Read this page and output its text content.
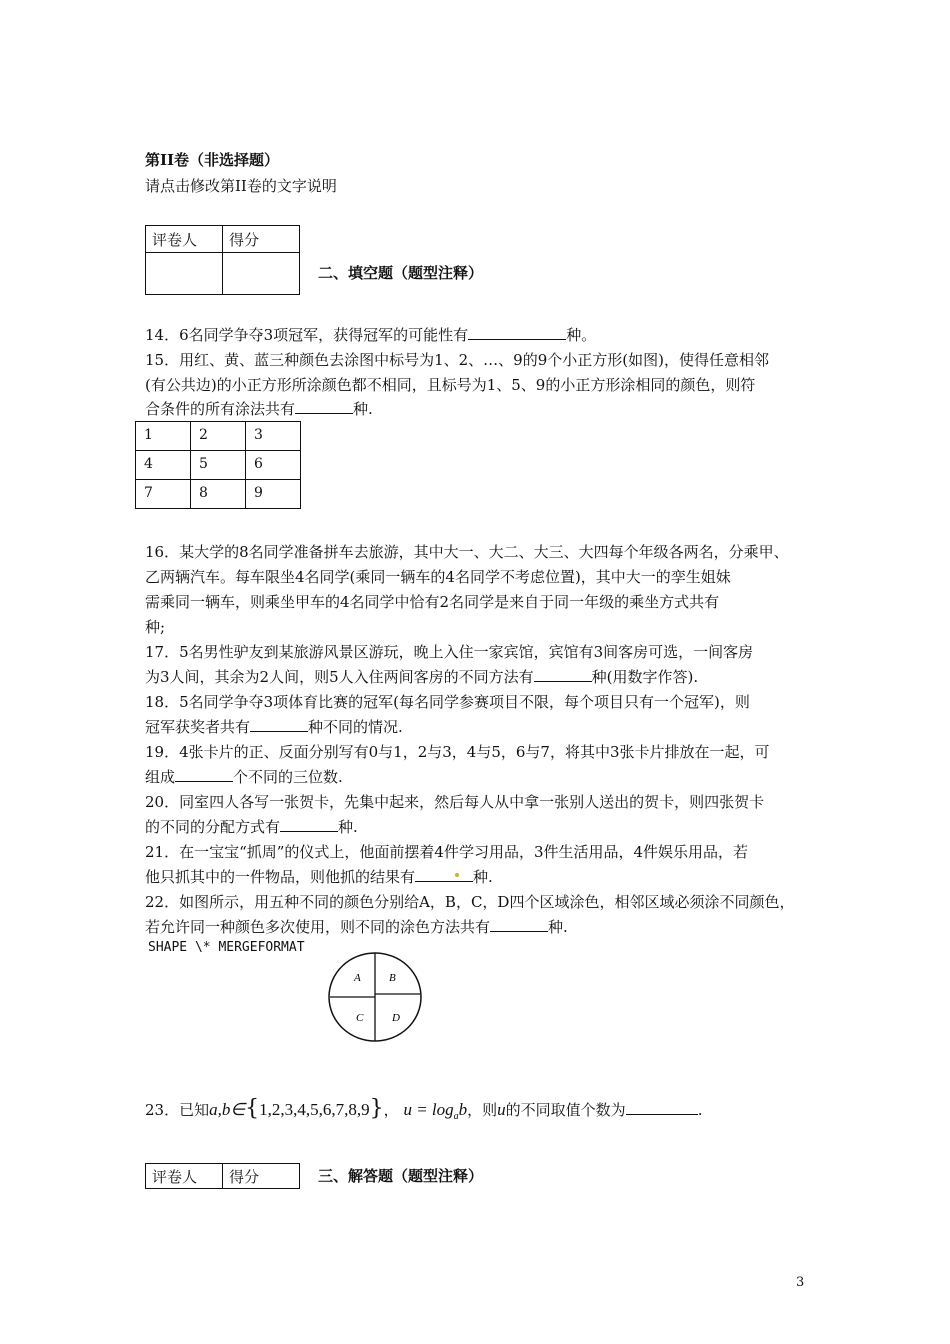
第II卷（非选择题）
请点击修改第II卷的文字说明
评卷人	得分

二、填空题（题型注释）
14．6名同学争夺3项冠军，获得冠军的可能性有	种。
15．用红、黄、蓝三种颜色去涂图中标号为1、2、…、9的9个小正方形(如图)，使得任意相邻
(有公共边)的小正方形所涂颜色都不相同，且标号为1、5、9的小正方形涂相同的颜色，则符
合条件的所有涂法共有	种.
1	2	3
4	5	6
7	8	9
16．某大学的8名同学准备拼车去旅游，其中大一、大二、大三、大四每个年级各两名，分乘甲、
乙两辆汽车。每车限坐4名同学(乘同一辆车的4名同学不考虑位置)，其中大一的孪生姐妹
需乘同一辆车，则乘坐甲车的4名同学中恰有2名同学是来自于同一年级的乘坐方式共有
种;
17．5名男性驴友到某旅游风景区游玩，晚上入住一家宾馆，宾馆有3间客房可选，一间客房
为3人间，其余为2人间，则5人入住两间客房的不同方法有	种(用数字作答).
18．5名同学争夺3项体育比赛的冠军(每名同学参赛项目不限，每个项目只有一个冠军)，则
冠军获奖者共有	种不同的情况.
19．4张卡片的正、反面分别写有0与1，2与3，4与5，6与7，将其中3张卡片排放在一起，可
组成	个不同的三位数.
20．同室四人各写一张贺卡，先集中起来，然后每人从中拿一张别人送出的贺卡，则四张贺卡
的不同的分配方式有	种.
21．在一宝宝“抓周”的仪式上，他面前摆着4件学习用品，3件生活用品，4件娱乐用品，若
他只抓其中的一件物品，则他抓的结果有	种.
22．如图所示，用五种不同的颜色分别给A，B，C，D四个区域涂色，相邻区域必须涂不同颜色，
若允许同一种颜色多次使用，则不同的涂色方法共有	种.
SHAPE \* MERGEFORMAT
A	B
C	D
23．已知a,b∈{1,2,3,4,5,6,7,8,9}， $u = \log_ab$，则u的不同取值个数为	.
评卷人	得分	三、解答题（题型注释）
3
